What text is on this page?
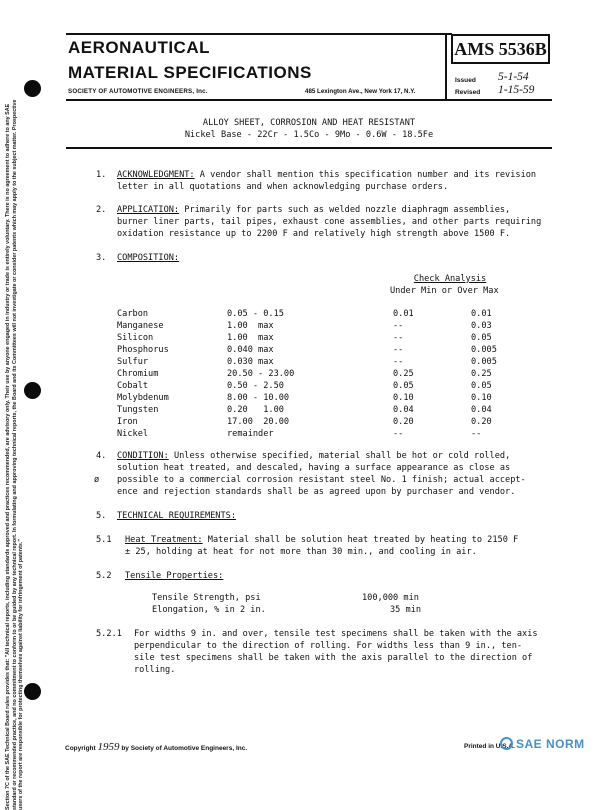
Section 7C of the SAE Technical Board rules provides that: "All technical reports, including standards approved and practices recommended, are advisory only. Their use by anyone engaged in industry or trade is entirely voluntary. There is no agreement to adhere to any SAE standard or recommended practice, and no commitment to conform to or be guided by any technical report. In formulating and approving technical reports, the Board and its Committees will not investigate or consider patents which may apply to the subject matter. Prospective users of the report are responsible for protecting themselves against liability for infringement of patents."
AERONAUTICAL
MATERIAL SPECIFICATIONS
SOCIETY OF AUTOMOTIVE ENGINEERS, Inc.	485 Lexington Ave., New York 17, N.Y.
AMS 5536B
Issued 5-1-54
Revised 1-15-59
ALLOY SHEET, CORROSION AND HEAT RESISTANT
Nickel Base - 22Cr - 1.5Co - 9Mo - 0.6W - 18.5Fe
1. ACKNOWLEDGMENT: A vendor shall mention this specification number and its revision
letter in all quotations and when acknowledging purchase orders.
2. APPLICATION: Primarily for parts such as welded nozzle diaphragm assemblies,
burner liner parts, tail pipes, exhaust cone assemblies, and other parts requiring
oxidation resistance up to 2200 F and relatively high strength above 1500 F.
3. COMPOSITION:
Check Analysis
Under Min or Over Max
Carbon	0.05 - 0.15	0.01	0.01
Manganese	1.00  max	--	0.03
Silicon	1.00  max	--	0.05
Phosphorus	0.040 max	--	0.005
Sulfur	0.030 max	--	0.005
Chromium	20.50 - 23.00	0.25	0.25
Cobalt	0.50 - 2.50	0.05	0.05
Molybdenum	8.00 - 10.00	0.10	0.10
Tungsten	0.20   1.00	0.04	0.04
Iron	17.00  20.00	0.20	0.20
Nickel	remainder	--	--
4. CONDITION: Unless otherwise specified, material shall be hot or cold rolled,
solution heat treated, and descaled, having a surface appearance as close as
ø possible to a commercial corrosion resistant steel No. 1 finish; actual accept-
ence and rejection standards shall be as agreed upon by purchaser and vendor.
5. TECHNICAL REQUIREMENTS:
5.1 Heat Treatment: Material shall be solution heat treated by heating to 2150 F
± 25, holding at heat for not more than 30 min., and cooling in air.
5.2 Tensile Properties:
Tensile Strength, psi	100,000 min
Elongation, % in 2 in.	35 min
5.2.1 For widths 9 in. and over, tensile test specimens shall be taken with the axis
perpendicular to the direction of rolling. For widths less than 9 in., ten-
sile test specimens shall be taken with the axis parallel to the direction of
rolling.
Copyright 1959 by Society of Automotive Engineers, Inc.	Printed in U.S.A. SAE NORM
